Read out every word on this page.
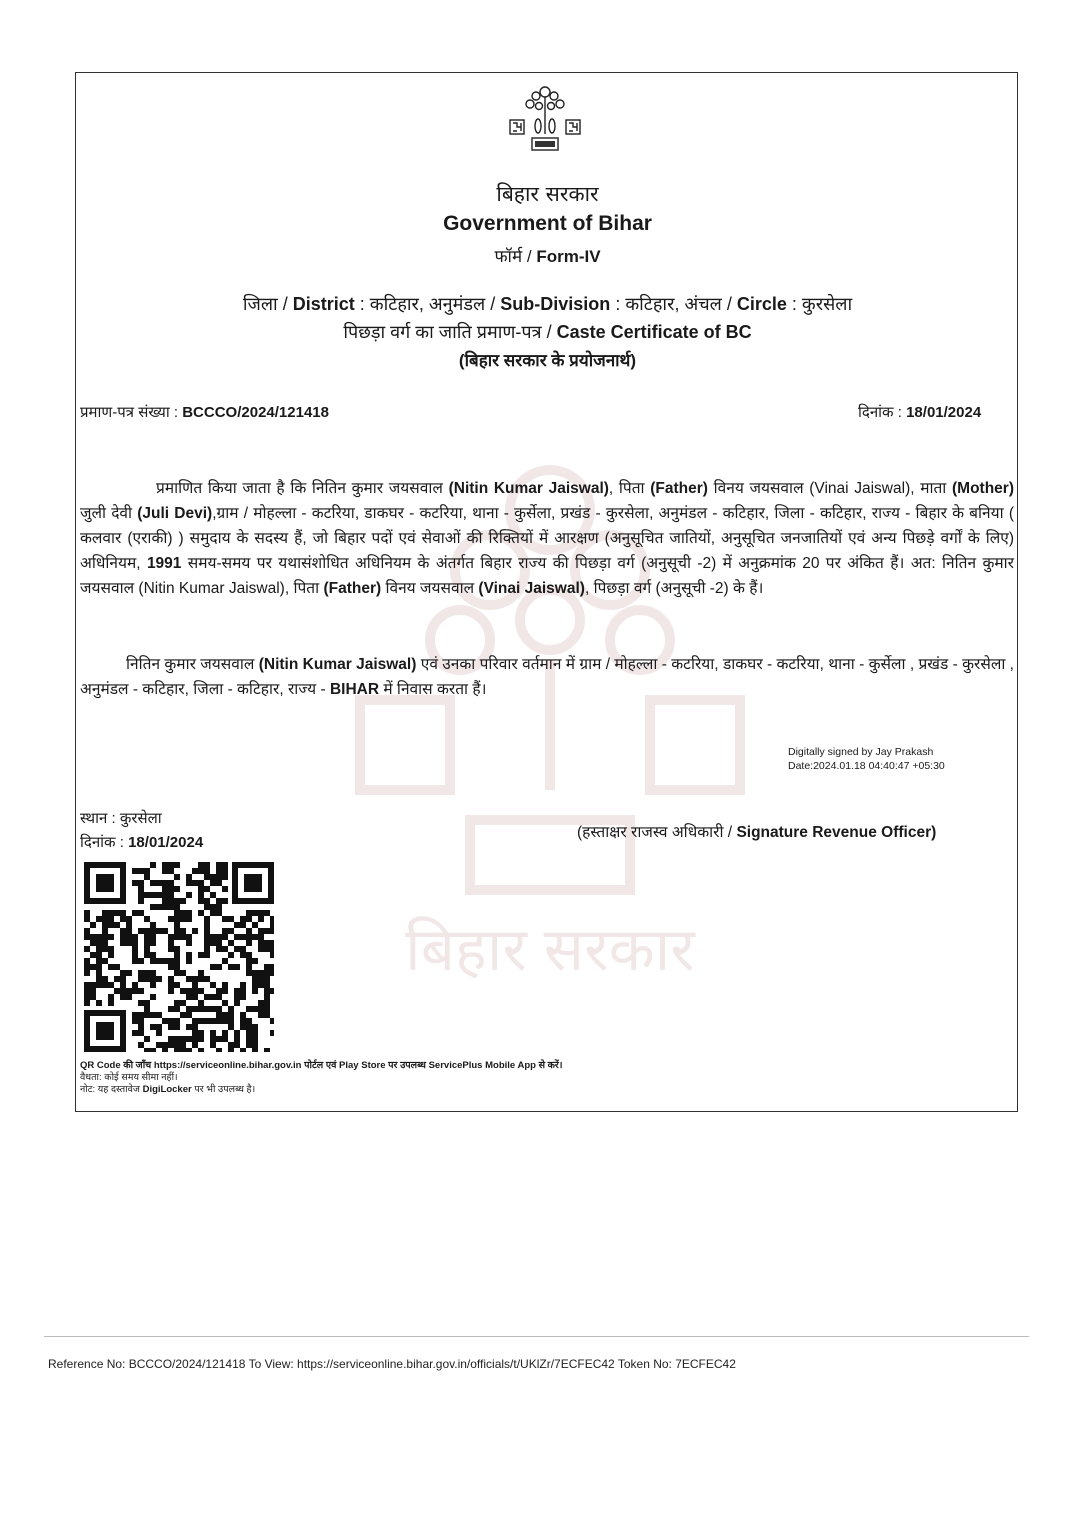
बिहार सरकार
बिहार सरकार
Government of Bihar
फॉर्म / Form-IV
जिला / District : कटिहार, अनुमंडल / Sub-Division : कटिहार, अंचल / Circle : कुरसेला
पिछड़ा वर्ग का जाति प्रमाण-पत्र / Caste Certificate of BC
(बिहार सरकार के प्रयोजनार्थ)
प्रमाण-पत्र संख्या : BCCCO/2024/121418	दिनांक : 18/01/2024

प्रमाणित किया जाता है कि नितिन कुमार जयसवाल (Nitin Kumar Jaiswal), पिता (Father) विनय जयसवाल (Vinai Jaiswal), माता (Mother) जुली देवी (Juli Devi),ग्राम / मोहल्ला - कटरिया, डाकघर - कटरिया, थाना - कुर्सेला, प्रखंड - कुरसेला, अनुमंडल - कटिहार, जिला - कटिहार, राज्य - बिहार के बनिया ( कलवार (एराकी) ) समुदाय के सदस्य हैं, जो बिहार पदों एवं सेवाओं की रिक्तियों में आरक्षण (अनुसूचित जातियों, अनुसूचित जनजातियों एवं अन्य पिछड़े वर्गों के लिए) अधिनियम, 1991 समय-समय पर यथासंशोधित अधिनियम के अंतर्गत बिहार राज्य की पिछड़ा वर्ग (अनुसूची -2) में अनुक्रमांक 20 पर अंकित हैं। अत: नितिन कुमार जयसवाल (Nitin Kumar Jaiswal), पिता (Father) विनय जयसवाल (Vinai Jaiswal), पिछड़ा वर्ग (अनुसूची -2) के हैं।

नितिन कुमार जयसवाल (Nitin Kumar Jaiswal) एवं उनका परिवार वर्तमान में ग्राम / मोहल्ला - कटरिया, डाकघर - कटरिया, थाना - कुर्सेला , प्रखंड - कुरसेला , अनुमंडल - कटिहार, जिला - कटिहार, राज्य - BIHAR में निवास करता हैं।

Digitally signed by Jay Prakash
Date:2024.01.18 04:40:47 +05:30
स्थान : कुरसेला
दिनांक : 18/01/2024
(हस्ताक्षर राजस्व अधिकारी / Signature Revenue Officer)
QR Code की जाँच https://serviceonline.bihar.gov.in पोर्टल एवं Play Store पर उपलब्ध ServicePlus Mobile App से करें।
वैधता: कोई समय सीमा नहीं।
नोट: यह दस्तावेज DigiLocker पर भी उपलब्ध है।
Reference No: BCCCO/2024/121418 To View: https://serviceonline.bihar.gov.in/officials/t/UKlZr/7ECFEC42 Token No: 7ECFEC42
